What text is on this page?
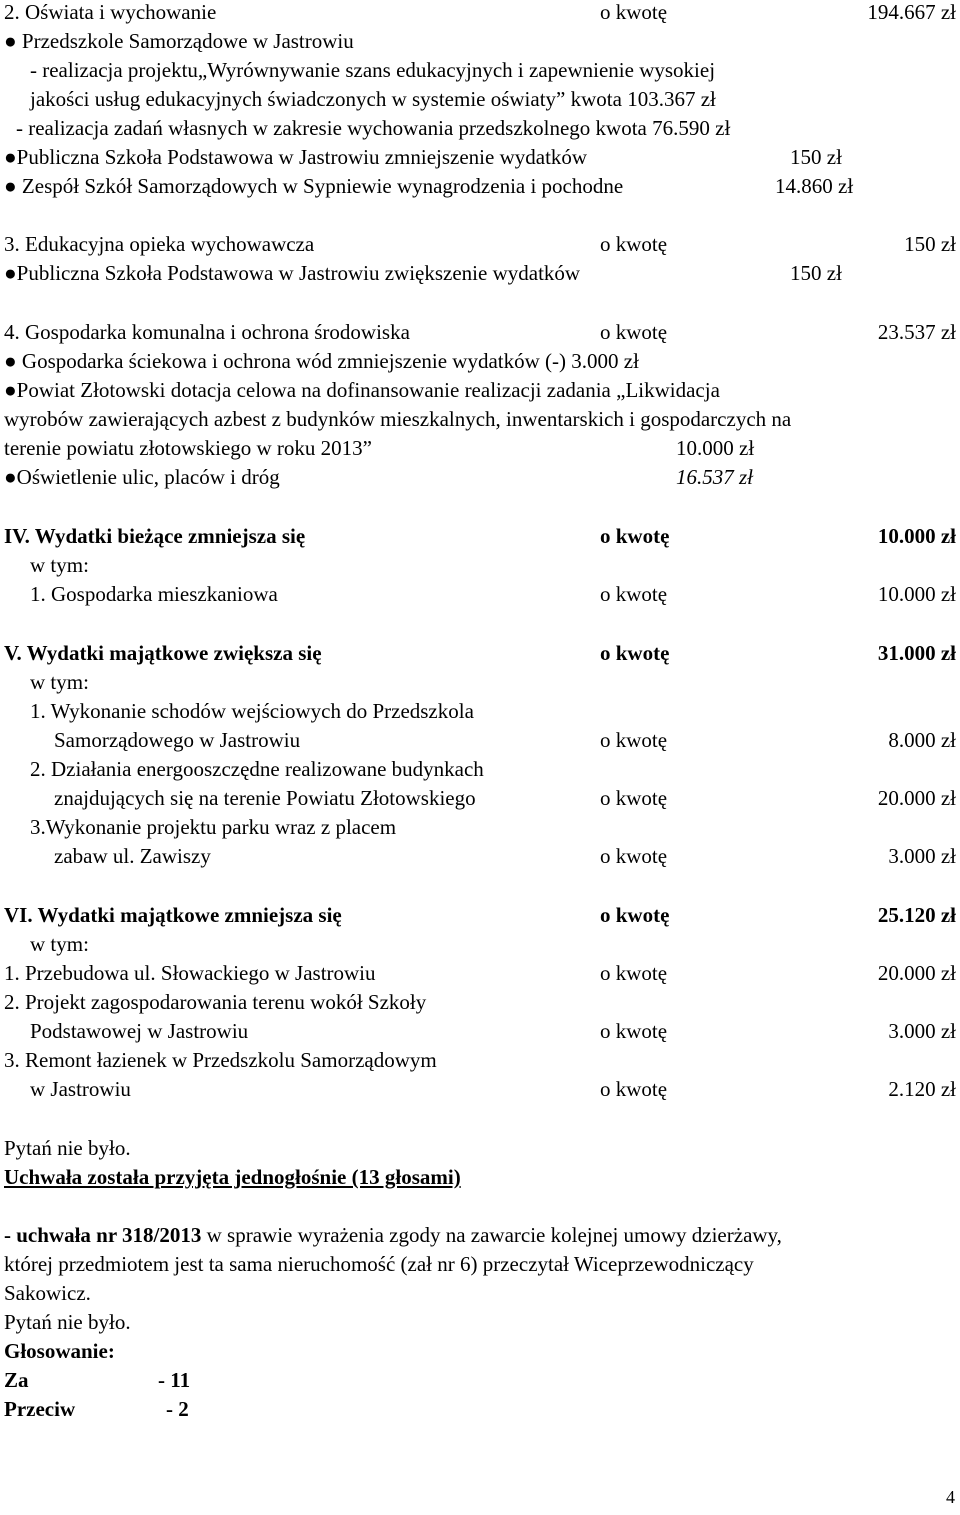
2. Oświata i wychowanie	o kwotę	194.667 zł
● Przedszkole Samorządowe w Jastrowiu
- realizacja projektu„Wyrównywanie szans edukacyjnych i zapewnienie wysokiej
jakości usług edukacyjnych świadczonych w systemie oświaty” kwota 103.367 zł
- realizacja zadań własnych w zakresie wychowania przedszkolnego kwota 76.590 zł
●Publiczna Szkoła Podstawowa w Jastrowiu zmniejszenie wydatków	150 zł
● Zespół Szkół Samorządowych w Sypniewie wynagrodzenia i pochodne	14.860 zł
3. Edukacyjna opieka wychowawcza	o kwotę	150 zł
●Publiczna Szkoła Podstawowa w Jastrowiu zwiększenie wydatków	150 zł
4. Gospodarka komunalna i ochrona środowiska	o kwotę	23.537 zł
● Gospodarka ściekowa i ochrona wód zmniejszenie wydatków (-) 3.000 zł
●Powiat Złotowski dotacja celowa na dofinansowanie realizacji zadania „Likwidacja
wyrobów zawierających azbest z budynków mieszkalnych, inwentarskich i gospodarczych na
terenie powiatu złotowskiego w roku 2013”	10.000 zł
●Oświetlenie ulic, placów i dróg	16.537 zł
IV. Wydatki bieżące zmniejsza się	o kwotę	10.000 zł
w tym:
1. Gospodarka mieszkaniowa	o kwotę	10.000 zł
V. Wydatki majątkowe zwiększa się	o kwotę	31.000 zł
w tym:
1. Wykonanie schodów wejściowych do Przedszkola
Samorządowego w Jastrowiu	o kwotę	8.000 zł
2. Działania energooszczędne realizowane budynkach
znajdujących się na terenie Powiatu Złotowskiego	o kwotę	20.000 zł
3.Wykonanie projektu parku wraz z placem
zabaw ul. Zawiszy	o kwotę	3.000 zł
VI. Wydatki majątkowe zmniejsza się	o kwotę	25.120 zł
w tym:
1. Przebudowa ul. Słowackiego w Jastrowiu	o kwotę	20.000 zł
2. Projekt zagospodarowania terenu wokół Szkoły
Podstawowej w Jastrowiu	o kwotę	3.000 zł
3. Remont łazienek w Przedszkolu Samorządowym
w Jastrowiu	o kwotę	2.120 zł
Pytań nie było.
Uchwała została przyjęta jednogłośnie (13 głosami)
- uchwała nr 318/2013 w sprawie wyrażenia zgody na zawarcie kolejnej umowy dzierżawy,
której przedmiotem jest ta sama nieruchomość (zał nr 6) przeczytał Wiceprzewodniczący
Sakowicz.
Pytań nie było.
Głosowanie:
Za	- 11
Przeciw	- 2
4
